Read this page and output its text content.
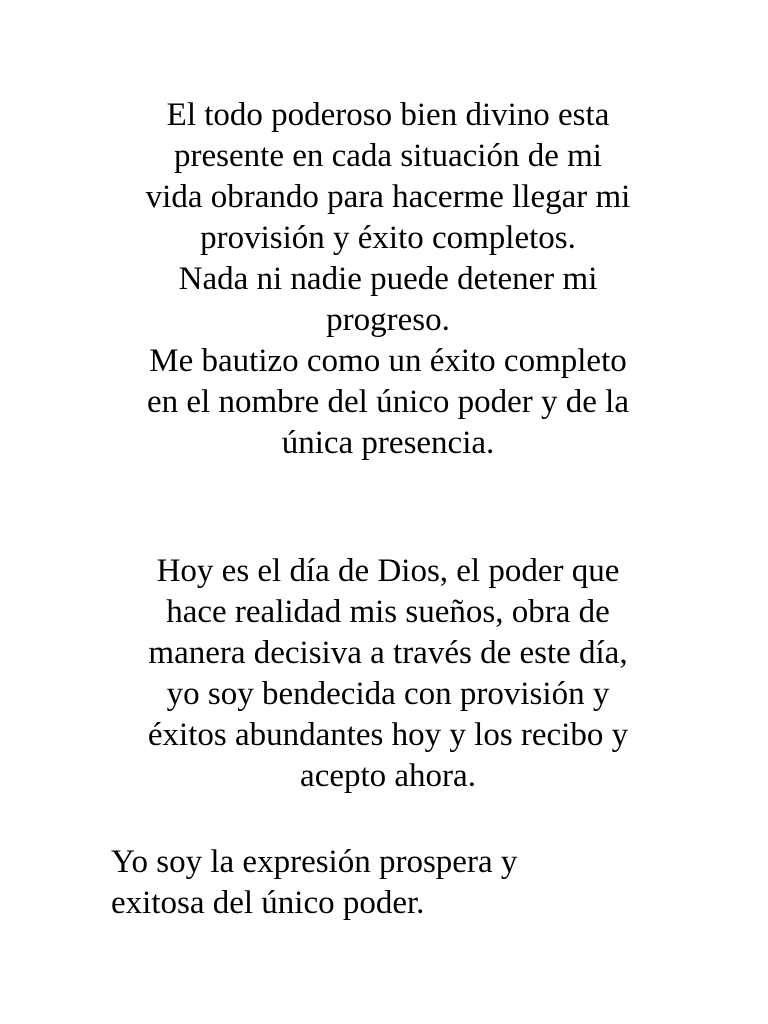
El todo poderoso bien divino esta
presente en cada situación de mi
vida obrando para hacerme llegar mi
provisión y éxito completos.
Nada ni nadie puede detener mi
progreso.
Me bautizo como un éxito completo
en el nombre del único poder y de la
única presencia.
Hoy es el día de Dios, el poder que
hace realidad mis sueños, obra de
manera decisiva a través de este día,
yo soy bendecida con provisión y
éxitos abundantes hoy y los recibo y
acepto ahora.
Yo soy la expresión prospera y
exitosa del único poder.
